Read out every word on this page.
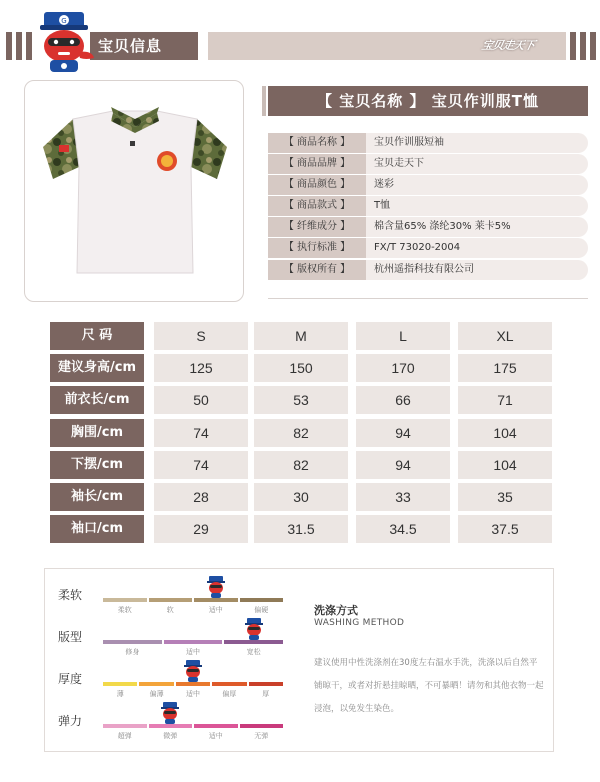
宝贝信息	宝贝走天下
G
【 宝贝名称 】 宝贝作训服T恤
【 商品名称 】	宝贝作训服短袖
【 商品品牌 】	宝贝走天下
【 商品颜色 】	迷彩
【 商品款式 】	T恤
【 纤维成分 】	棉含量65% 涤纶30% 莱卡5%
【 执行标准 】	FX/T 73020-2004
【 版权所有 】	杭州遥指科技有限公司
尺 码	S	M	L	XL
建议身高/cm	125	150	170	175
前衣长/cm	50	53	66	71
胸围/cm	74	82	94	104
下摆/cm	74	82	94	104
袖长/cm	28	30	33	35
袖口/cm	29	31.5	34.5	37.5
柔软
柔软	软	适中	偏硬
版型
修身	适中	宽松
厚度
薄	偏薄	适中	偏厚	厚
弹力
超弹	微弹	适中	无弹
洗涤方式
WASHING METHOD
建议使用中性洗涤剂在30度左右温水手洗，洗涤以后自然平铺晾干，或者对折悬挂晾晒，不可暴晒！请勿和其他衣物一起浸泡，以免发生染色。
